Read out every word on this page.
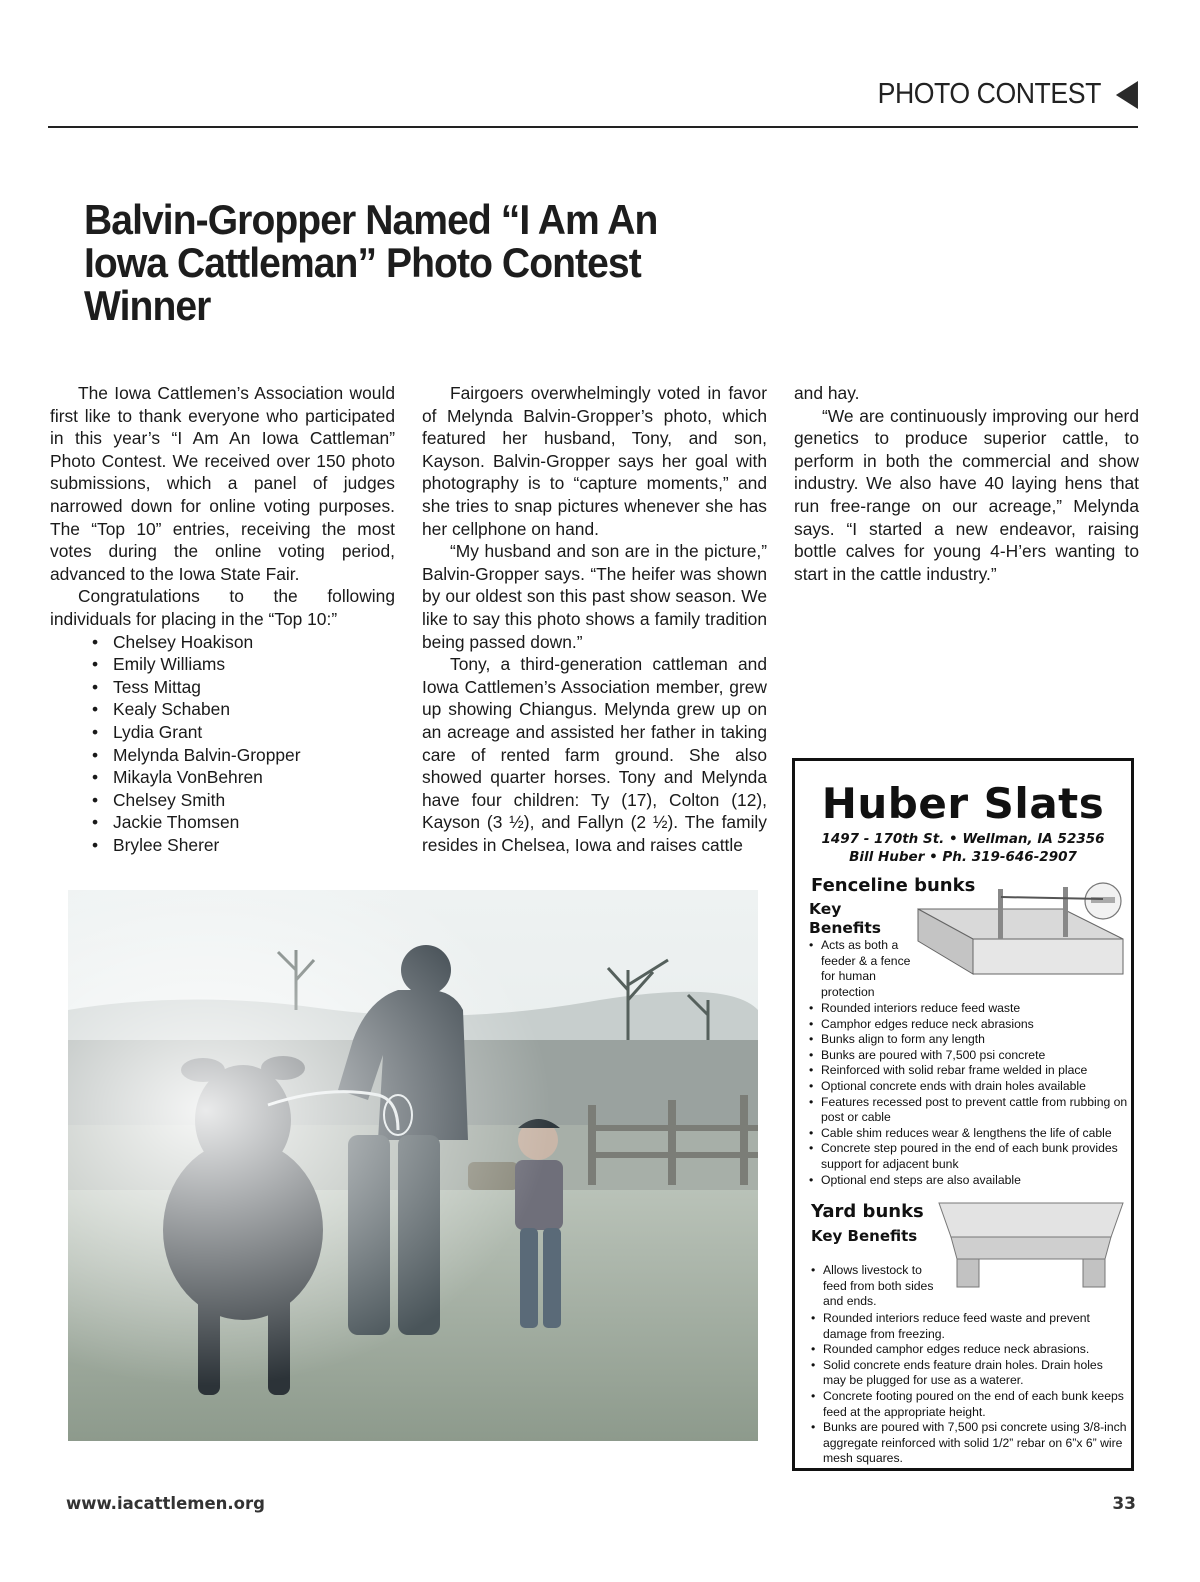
PHOTO CONTEST
Balvin-Gropper Named “I Am An Iowa Cattleman” Photo Contest Winner

The Iowa Cattlemen’s Association would first like to thank everyone who participated in this year’s “I Am An Iowa Cattleman” Photo Contest. We received over 150 photo submissions, which a panel of judges narrowed down for online voting purposes. The “Top 10” entries, receiving the most votes during the online voting period, advanced to the Iowa State Fair.

Congratulations to the following individuals for placing in the “Top 10:”

• Chelsey Hoakison
• Emily Williams
• Tess Mittag
• Kealy Schaben
• Lydia Grant
• Melynda Balvin-Gropper
• Mikayla VonBehren
• Chelsey Smith
• Jackie Thomsen
• Brylee Sherer

Fairgoers overwhelmingly voted in favor of Melynda Balvin-Gropper’s photo, which featured her husband, Tony, and son, Kayson. Balvin-Gropper says her goal with photography is to “capture moments,” and she tries to snap pictures whenever she has her cellphone on hand.

“My husband and son are in the picture,” Balvin-Gropper says. “The heifer was shown by our oldest son this past show season. We like to say this photo shows a family tradition being passed down.”

Tony, a third-generation cattleman and Iowa Cattlemen’s Association member, grew up showing Chiangus. Melynda grew up on an acreage and assisted her father in taking care of rented farm ground. She also showed quarter horses. Tony and Melynda have four children: Ty (17), Colton (12), Kayson (3 ½), and Fallyn (2 ½). The family resides in Chelsea, Iowa and raises cattle

and hay.

“We are continuously improving our herd genetics to produce superior cattle, to perform in both the commercial and show industry. We also have 40 laying hens that run free-range on our acreage,” Melynda says. “I started a new endeavor, raising bottle calves for young 4-H’ers wanting to start in the cattle industry.”

Huber Slats
1497 - 170th St. • Wellman, IA 52356
Bill Huber • Ph. 319-646-2907
Fenceline bunks
Key Benefits
• Acts as both a feeder & a fence for human protection
• Rounded interiors reduce feed waste
• Camphor edges reduce neck abrasions
• Bunks align to form any length
• Bunks are poured with 7,500 psi concrete
• Reinforced with solid rebar frame welded in place
• Optional concrete ends with drain holes available
• Features recessed post to prevent cattle from rubbing on post or cable
• Cable shim reduces wear & lengthens the life of cable
• Concrete step poured in the end of each bunk provides support for adjacent bunk
• Optional end steps are also available
Yard bunks
Key Benefits
• Allows livestock to feed from both sides and ends.
• Rounded interiors reduce feed waste and prevent damage from freezing.
• Rounded camphor edges reduce neck abrasions.
• Solid concrete ends feature drain holes. Drain holes may be plugged for use as a waterer.
• Concrete footing poured on the end of each bunk keeps feed at the appropriate height.
• Bunks are poured with 7,500 psi concrete using 3/8-inch aggregate reinforced with solid 1/2” rebar on 6”x 6” wire mesh squares.
www.iacattlemen.org	33
